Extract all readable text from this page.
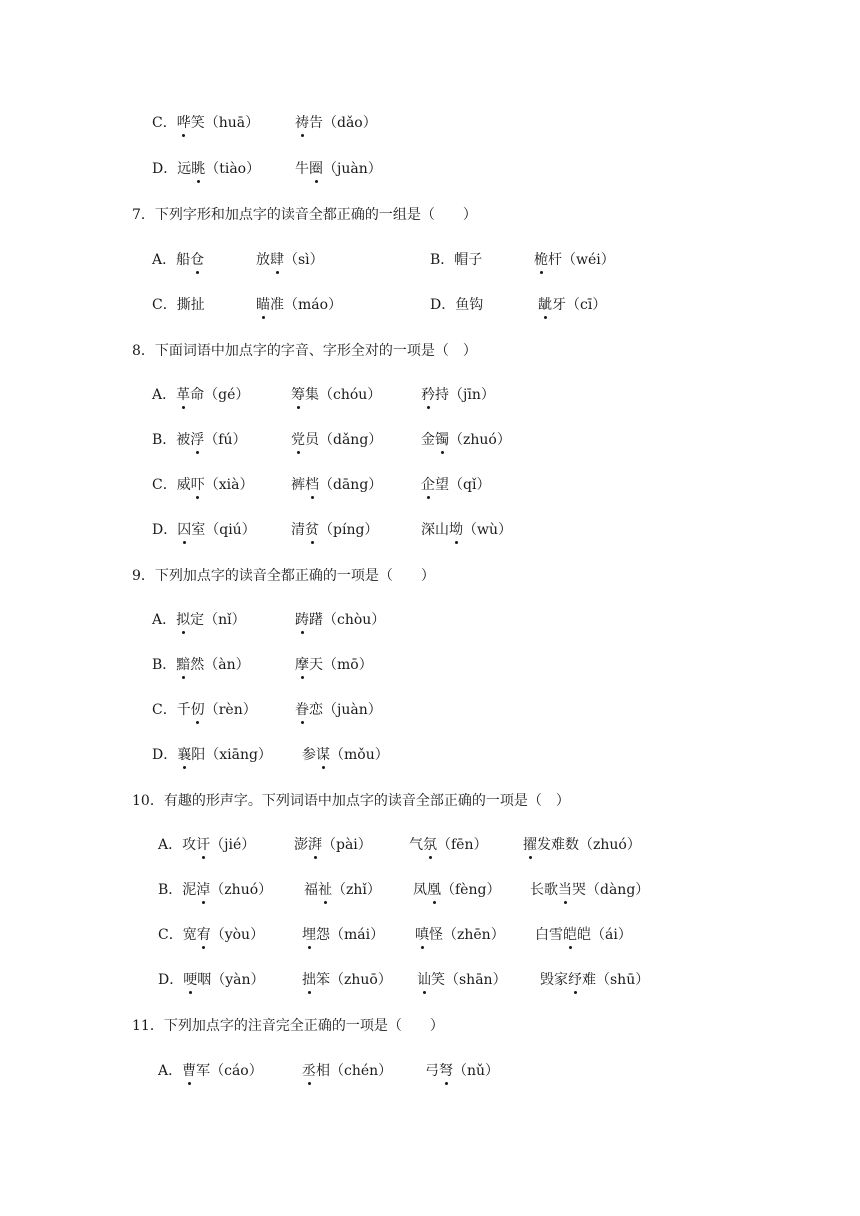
C．哗笑（huā）	祷告（dǎo）
D．远眺（tiào） 牛圈（juàn）
7．下列字形和加点字的读音全都正确的一组是（　　）
A．船仓	放肆（sì）	B．帽子	桅杆（wéi）
C．撕扯	瞄准（máo）	D．鱼钩	龇牙（cī）
8．下面词语中加点字的字音、字形全对的一项是（　）
A．革命（gé）	筹集（chóu）	矜持（jīn）
B．被浮（fú）	党员（dǎng）	金镯（zhuó）
C．威吓（xià）	裤档（dāng）	企望（qǐ）
D．囚室（qiú）	清贫（píng）	深山坳（wù）
9．下列加点字的读音全都正确的一项是（　　）
A．拟定（nǐ）	踌躇（chòu）
B．黯然（àn）	摩天（mō）
C．千仞（rèn）	眷恋（juàn）
D．襄阳（xiāng） 参谋（mǒu）
10．有趣的形声字。下列词语中加点字的读音全部正确的一项是（　）
A．攻讦（jié）	澎湃（pài）	气氛（fēn）	擢发难数（zhuó）
B．泥淖（zhuó） 福祉（zhǐ） 凤凰（fèng） 长歌当哭（dàng）
C．宽宥（yòu）	埋怨（mái） 嗔怪（zhēn） 白雪皑皑（ái）
D．哽咽（yàn）	拙笨（zhuō） 讪笑（shān） 毁家纾难（shū）
11．下列加点字的注音完全正确的一项是（　　）
A．曹军（cáo）	丞相（chén） 弓弩（nǔ）
